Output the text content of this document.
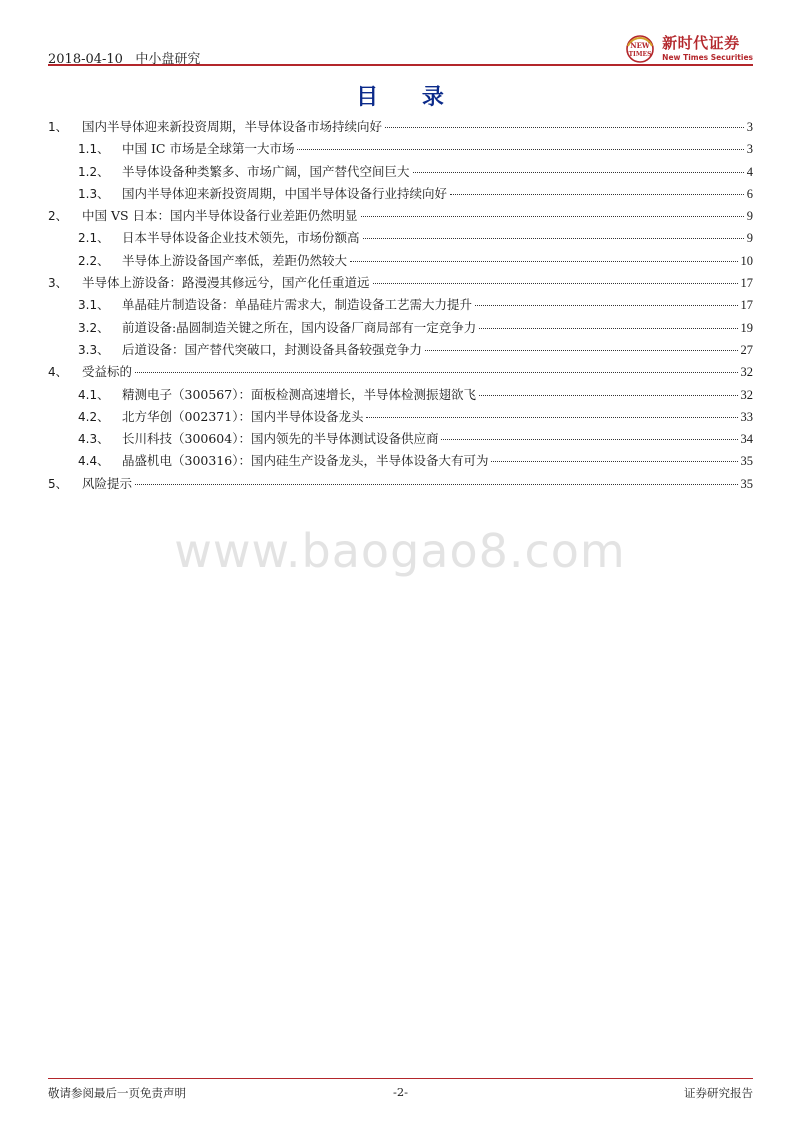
2018-04-10 中小盘研究
NEW
TIMES
新时代证券
New Times Securities
目 录
1、	国内半导体迎来新投资周期，半导体设备市场持续向好	3
1.1、	中国 IC 市场是全球第一大市场	3
1.2、	半导体设备种类繁多、市场广阔，国产替代空间巨大	4
1.3、	国内半导体迎来新投资周期，中国半导体设备行业持续向好	6
2、	中国 VS 日本：国内半导体设备行业差距仍然明显	9
2.1、	日本半导体设备企业技术领先，市场份额高	9
2.2、	半导体上游设备国产率低，差距仍然较大	10
3、	半导体上游设备：路漫漫其修远兮，国产化任重道远	17
3.1、	单晶硅片制造设备：单晶硅片需求大，制造设备工艺需大力提升	17
3.2、	前道设备:晶圆制造关键之所在，国内设备厂商局部有一定竞争力	19
3.3、	后道设备：国产替代突破口，封测设备具备较强竞争力	27
4、	受益标的	32
4.1、	精测电子（300567）：面板检测高速增长，半导体检测振翅欲飞	32
4.2、	北方华创（002371）：国内半导体设备龙头	33
4.3、	长川科技（300604）：国内领先的半导体测试设备供应商	34
4.4、	晶盛机电（300316）：国内硅生产设备龙头，半导体设备大有可为	35
5、	风险提示	35
www.baogao8.com
敬请参阅最后一页免责声明	-2-	证券研究报告
